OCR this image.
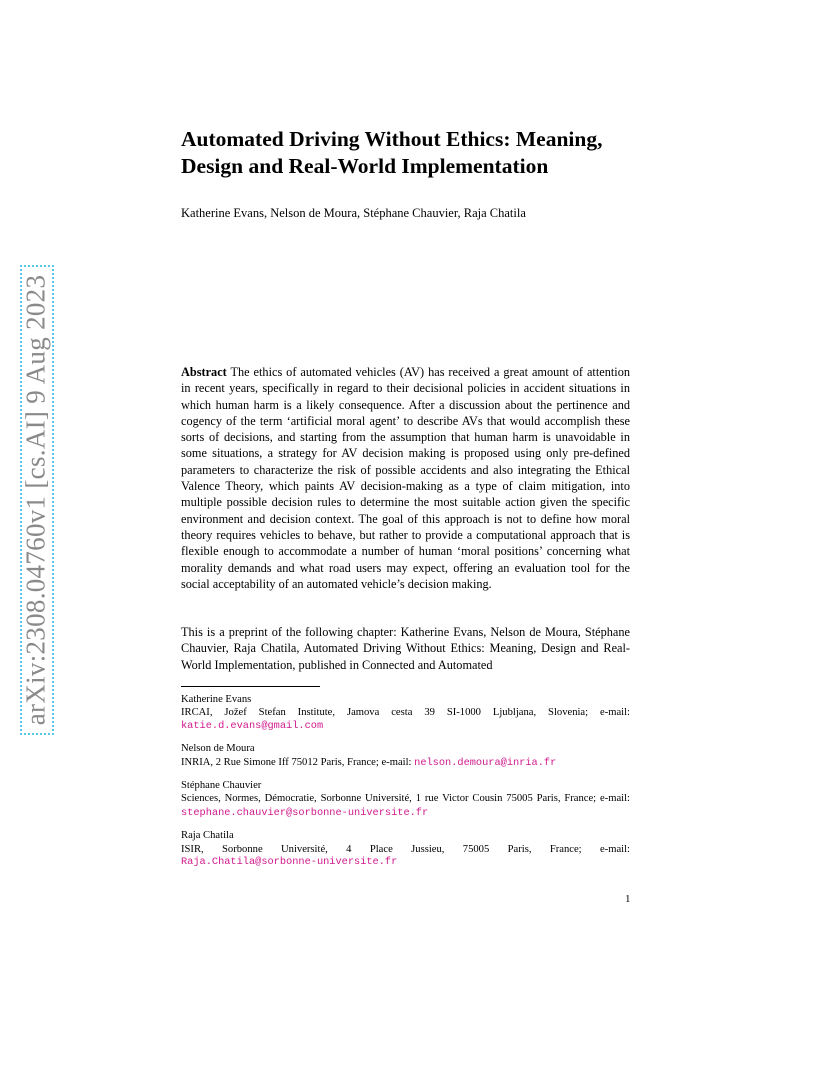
arXiv:2308.04760v1 [cs.AI] 9 Aug 2023
Automated Driving Without Ethics: Meaning, Design and Real-World Implementation
Katherine Evans, Nelson de Moura, Stéphane Chauvier, Raja Chatila
Abstract The ethics of automated vehicles (AV) has received a great amount of attention in recent years, specifically in regard to their decisional policies in accident situations in which human harm is a likely consequence. After a discussion about the pertinence and cogency of the term ‘artificial moral agent’ to describe AVs that would accomplish these sorts of decisions, and starting from the assumption that human harm is unavoidable in some situations, a strategy for AV decision making is proposed using only pre-defined parameters to characterize the risk of possible accidents and also integrating the Ethical Valence Theory, which paints AV decision-making as a type of claim mitigation, into multiple possible decision rules to determine the most suitable action given the specific environment and decision context. The goal of this approach is not to define how moral theory requires vehicles to behave, but rather to provide a computational approach that is flexible enough to accommodate a number of human ‘moral positions’ concerning what morality demands and what road users may expect, offering an evaluation tool for the social acceptability of an automated vehicle’s decision making.
This is a preprint of the following chapter: Katherine Evans, Nelson de Moura, Stéphane Chauvier, Raja Chatila, Automated Driving Without Ethics: Meaning, Design and Real-World Implementation, published in Connected and Automated
Katherine Evans
IRCAI, Jožef Stefan Institute, Jamova cesta 39 SI-1000 Ljubljana, Slovenia; e-mail:
katie.d.evans@gmail.com
Nelson de Moura
INRIA, 2 Rue Simone Iff 75012 Paris, France; e-mail: nelson.demoura@inria.fr
Stéphane Chauvier
Sciences, Normes, Démocratie, Sorbonne Université, 1 rue Victor Cousin 75005 Paris, France; e-mail: stephane.chauvier@sorbonne-universite.fr
Raja Chatila
ISIR, Sorbonne Université, 4 Place Jussieu, 75005 Paris, France; e-mail:
Raja.Chatila@sorbonne-universite.fr
1
